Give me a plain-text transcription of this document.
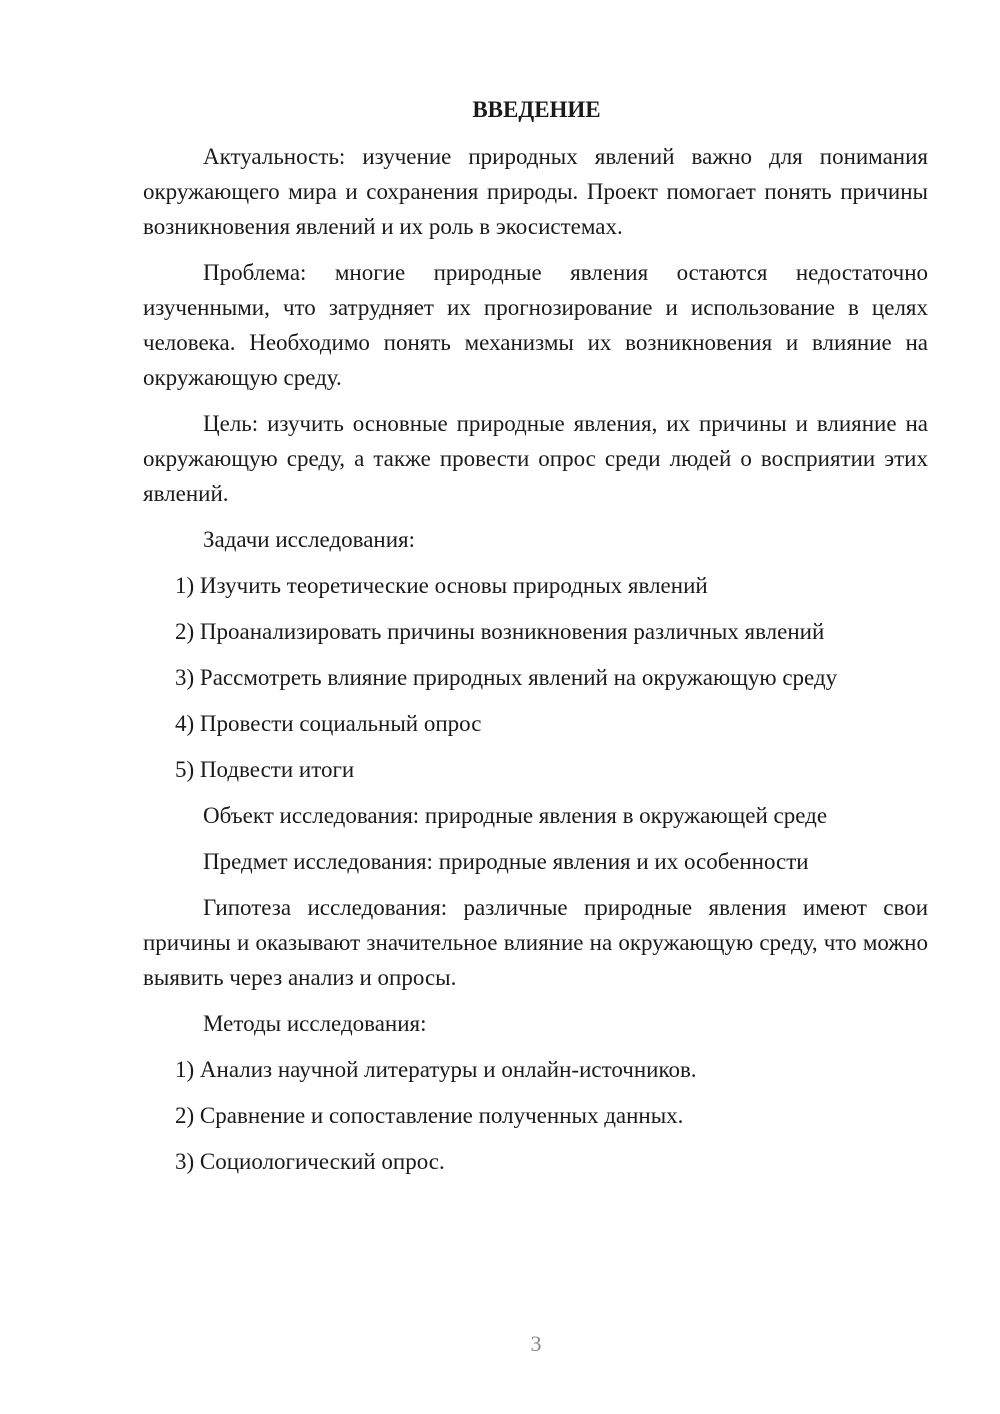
ВВЕДЕНИЕ

Актуальность: изучение природных явлений важно для понимания окружающего мира и сохранения природы. Проект помогает понять причины возникновения явлений и их роль в экосистемах.

Проблема: многие природные явления остаются недостаточно изученными, что затрудняет их прогнозирование и использование в целях человека. Необходимо понять механизмы их возникновения и влияние на окружающую среду.

Цель: изучить основные природные явления, их причины и влияние на окружающую среду, а также провести опрос среди людей о восприятии этих явлений.

Задачи исследования:

1) Изучить теоретические основы природных явлений
2) Проанализировать причины возникновения различных явлений
3) Рассмотреть влияние природных явлений на окружающую среду
4) Провести социальный опрос
5) Подвести итоги

Объект исследования: природные явления в окружающей среде

Предмет исследования: природные явления и их особенности

Гипотеза исследования: различные природные явления имеют свои причины и оказывают значительное влияние на окружающую среду, что можно выявить через анализ и опросы.

Методы исследования:

1) Анализ научной литературы и онлайн-источников.
2) Сравнение и сопоставление полученных данных.
3) Социологический опрос.
3
